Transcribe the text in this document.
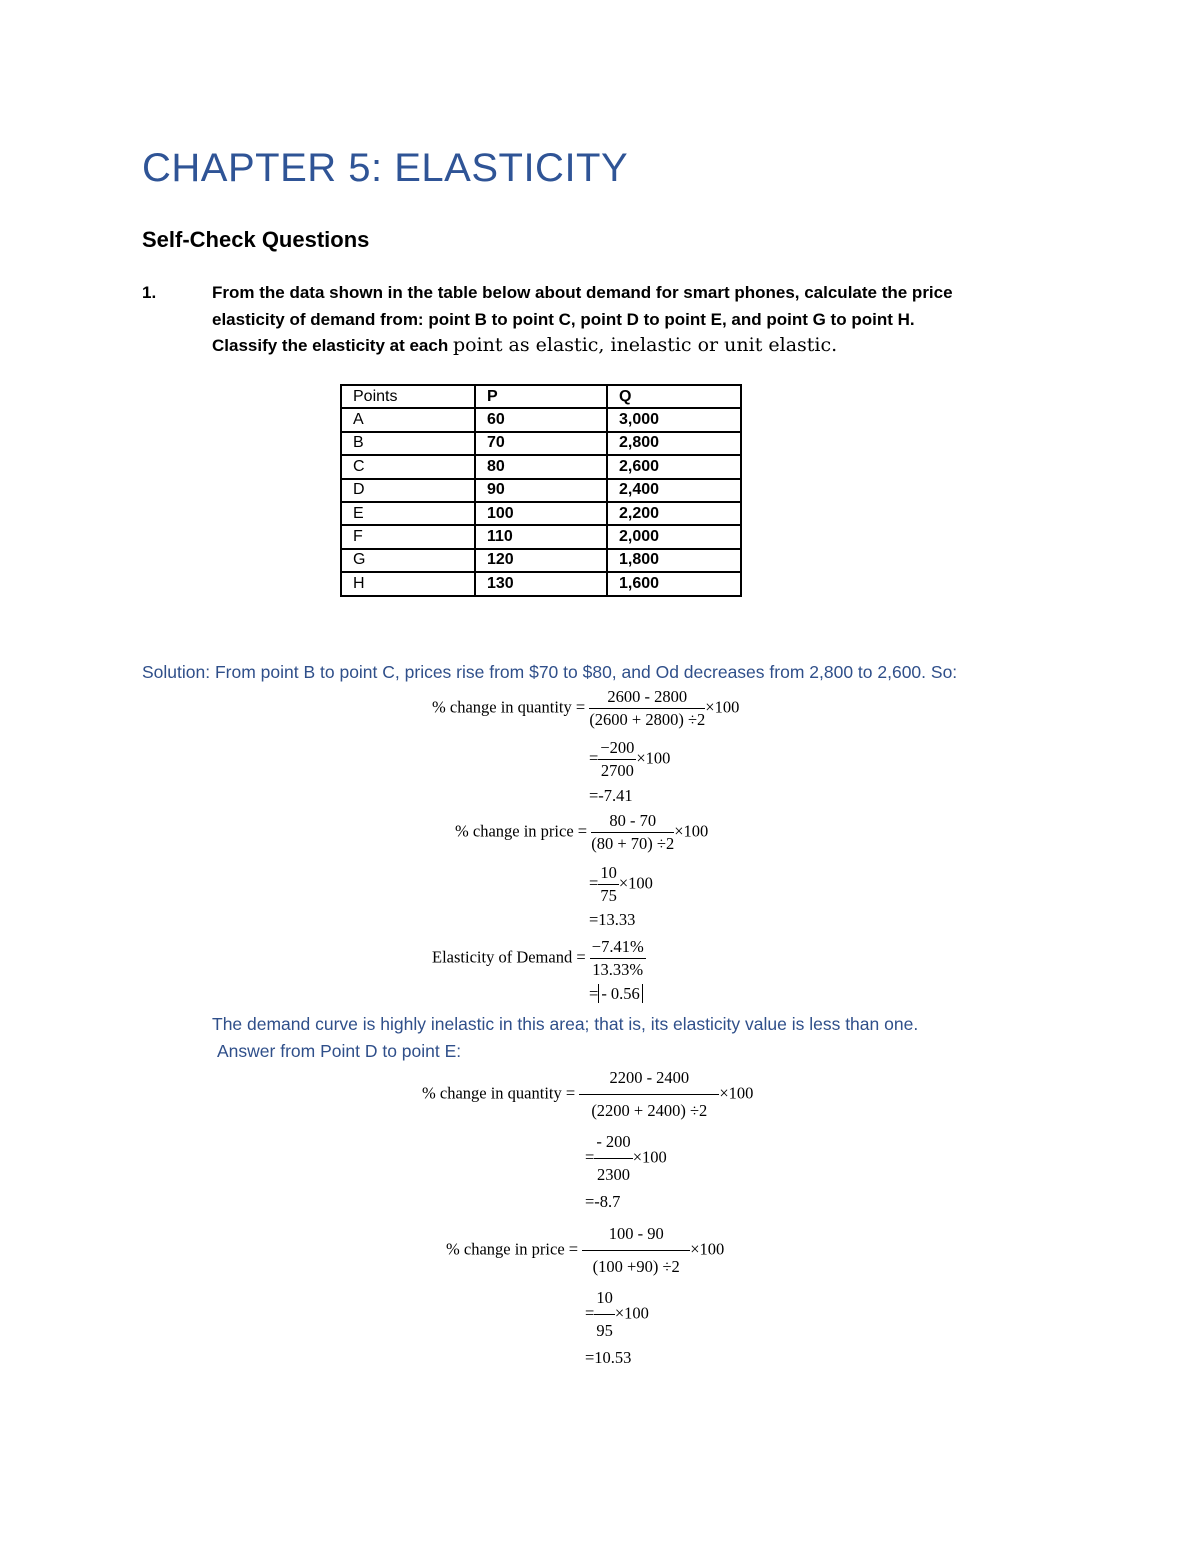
CHAPTER 5: ELASTICITY
Self-Check Questions
1.	From the data shown in the table below about demand for smart phones, calculate the price
elasticity of demand from: point B to point C, point D to point E, and point G to point H.
Classify the elasticity at each point as elastic, inelastic or unit elastic.
Points	P	Q
A	60	3,000
B	70	2,800
C	80	2,600
D	90	2,400
E	100	2,200
F	110	2,000
G	120	1,800
H	130	1,600
Solution: From point B to point C, prices rise from $70 to $80, and Od decreases from 2,800 to 2,600. So:
% change in quantity = $\frac{2600 - 2800}{(2600 + 2800) \div 2} \times 100$
= $\frac{-200}{2700} \times 100$
=-7.41
% change in price = $\frac{80 - 70}{(80 + 70) \div 2} \times 100$
= $\frac{10}{75} \times 100$
=13.33
Elasticity of Demand = $\frac{-7.41\%}{13.33\%}$
= - 0.56
The demand curve is highly inelastic in this area; that is, its elasticity value is less than one.
Answer from Point D to point E:
% change in quantity = $\frac{2200 - 2400}{(2200 + 2400) \div 2} \times 100$
= $\frac{- 200}{2300} \times 100$
=-8.7
% change in price = $\frac{100 - 90}{(100 +90) \div 2} \times 100$
= $\frac{10}{95} \times 100$
=10.53
